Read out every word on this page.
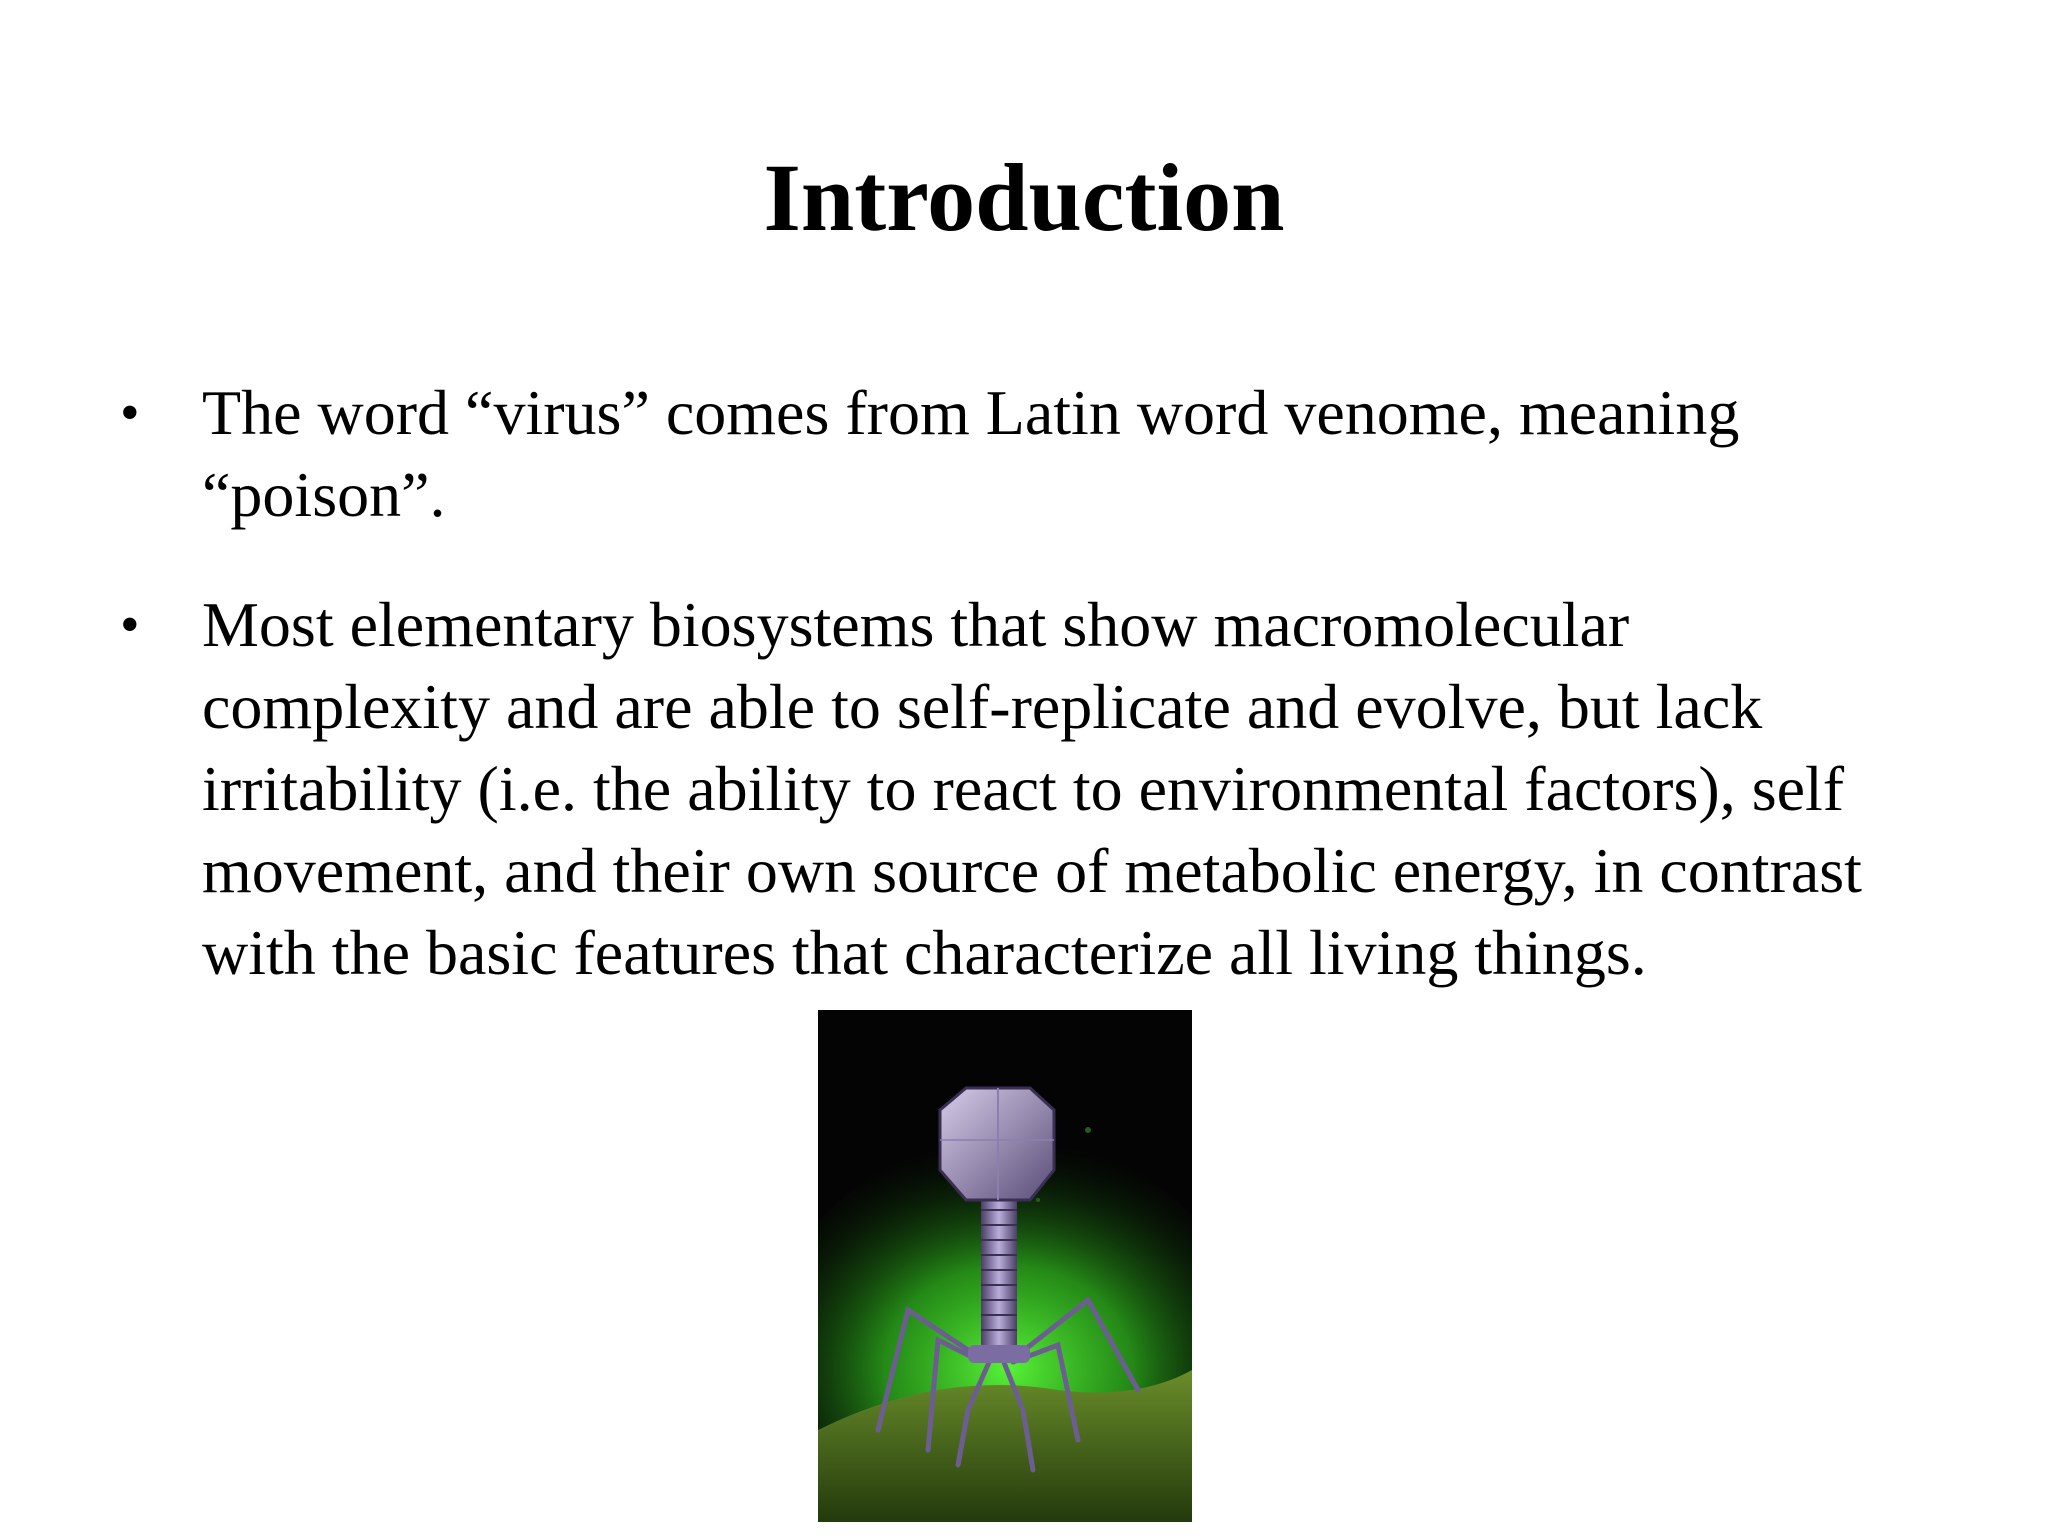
Introduction
• The word “virus” comes from Latin word venome, meaning “poison”.
• Most elementary biosystems that show macromolecular complexity and are able to self-replicate and evolve, but lack irritability (i.e. the ability to react to environmental factors), self movement, and their own source of metabolic energy, in contrast with the basic features that characterize all living things.
